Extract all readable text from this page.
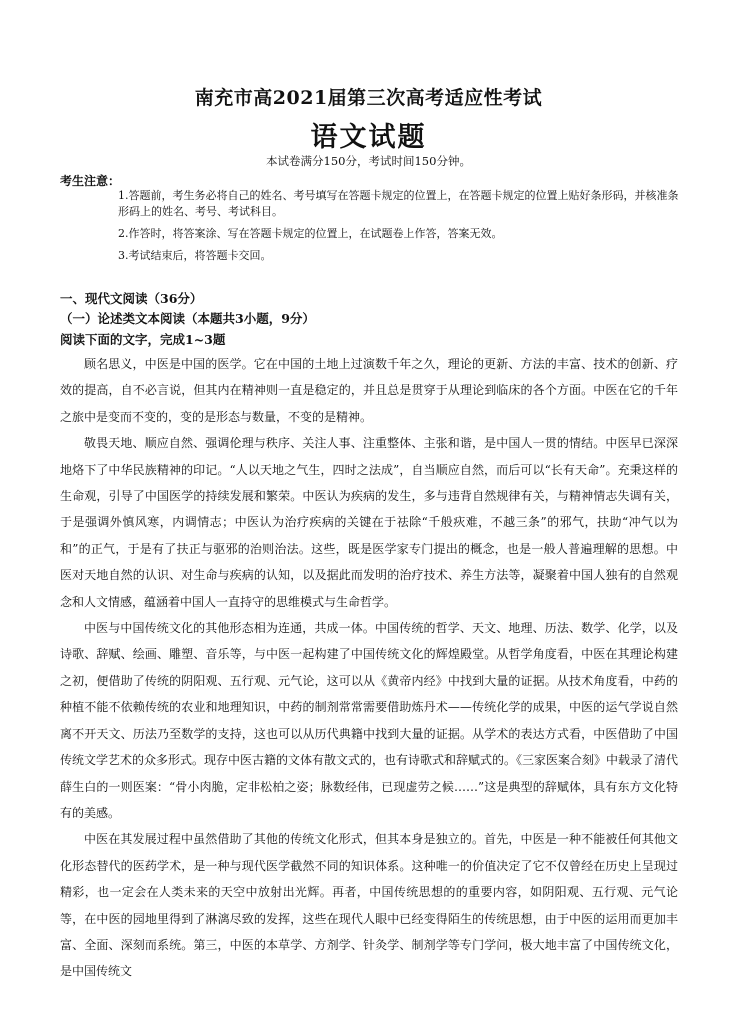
南充市高2021届第三次高考适应性考试
语文试题
本试卷满分150分，考试时间150分钟。
考生注意：
1.答题前，考生务必将自己的姓名、考号填写在答题卡规定的位置上，在答题卡规定的位置上贴好条形码，并核准条形码上的姓名、考号、考试科目。
2.作答时，将答案涂、写在答题卡规定的位置上，在试题卷上作答，答案无效。
3.考试结束后，将答题卡交回。
一、现代文阅读（36分）
（一）论述类文本阅读（本题共3小题，9分）
阅读下面的文字，完成1~3题

顾名思义，中医是中国的医学。它在中国的土地上过演数千年之久，理论的更新、方法的丰富、技术的创新、疗效的提高，自不必言说，但其内在精神则一直是稳定的，并且总是贯穿于从理论到临床的各个方面。中医在它的千年之旅中是变而不变的，变的是形态与数量，不变的是精神。

敬畏天地、顺应自然、强调伦理与秩序、关注人事、注重整体、主张和谐，是中国人一贯的情结。中医早已深深地烙下了中华民族精神的印记。“人以天地之气生，四时之法成”，自当顺应自然，而后可以“长有天命”。充秉这样的生命观，引导了中国医学的持续发展和繁荣。中医认为疾病的发生，多与违背自然规律有关，与精神情志失调有关，于是强调外慎风寒，内调情志；中医认为治疗疾病的关键在于祛除“千般疢难，不越三条”的邪气，扶助“冲气以为和”的正气，于是有了扶正与驱邪的治则治法。这些，既是医学家专门提出的概念，也是一般人普遍理解的思想。中医对天地自然的认识、对生命与疾病的认知，以及据此而发明的治疗技术、养生方法等，凝聚着中国人独有的自然观念和人文情感，蕴涵着中国人一直持守的思维模式与生命哲学。

中医与中国传统文化的其他形态相为连通，共成一体。中国传统的哲学、天文、地理、历法、数学、化学，以及诗歌、辞赋、绘画、雕塑、音乐等，与中医一起构建了中国传统文化的辉煌殿堂。从哲学角度看，中医在其理论构建之初，便借助了传统的阴阳观、五行观、元气论，这可以从《黄帝内经》中找到大量的证据。从技术角度看，中药的种植不能不依赖传统的农业和地理知识，中药的制剂常常需要借助炼丹术——传统化学的成果，中医的运气学说自然离不开天文、历法乃至数学的支持，这也可以从历代典籍中找到大量的证据。从学术的表达方式看，中医借助了中国传统文学艺术的众多形式。现存中医古籍的文体有散文式的，也有诗歌式和辞赋式的。《三家医案合刻》中载录了清代薛生白的一则医案：“骨小肉脆，定非松柏之姿；脉数经伟，已现虚劳之候……”这是典型的辞赋体，具有东方文化特有的美感。

中医在其发展过程中虽然借助了其他的传统文化形式，但其本身是独立的。首先，中医是一种不能被任何其他文化形态替代的医药学术，是一种与现代医学截然不同的知识体系。这种唯一的价值决定了它不仅曾经在历史上呈现过精彩，也一定会在人类未来的天空中放射出光辉。再者，中国传统思想的的重要内容，如阴阳观、五行观、元气论等，在中医的园地里得到了淋漓尽致的发挥，这些在现代人眼中已经变得陌生的传统思想，由于中医的运用而更加丰富、全面、深刻而系统。第三，中医的本草学、方剂学、针灸学、制剂学等专门学问，极大地丰富了中国传统文化，是中国传统文
